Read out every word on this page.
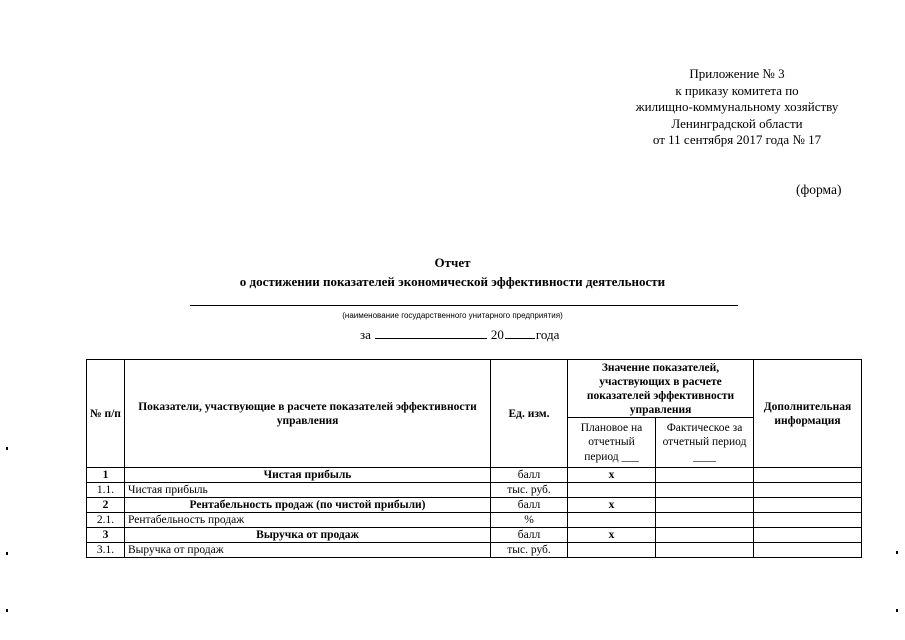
Приложение № 3
к приказу комитета по
жилищно-коммунальному хозяйству
Ленинградской области
от 11 сентября 2017 года № 17
(форма)
Отчет
о достижении показателей экономической эффективности деятельности
(наименование государственного унитарного предприятия)
за	20 года
№ п/п	Показатели, участвующие в расчете показателей эффективности управления	Ед. изм.	Значение показателей, участвующих в расчете показателей эффективности управления		Дополнительная информация
			Плановое на отчетный период ___	Фактическое за отчетный период ____	
1	Чистая прибыль	балл	х		
1.1.	Чистая прибыль	тыс. руб.			
2	Рентабельность продаж (по чистой прибыли)	балл	х		
2.1.	Рентабельность продаж	%			
3	Выручка от продаж	балл	х		
3.1.	Выручка от продаж	тыс. руб.			
